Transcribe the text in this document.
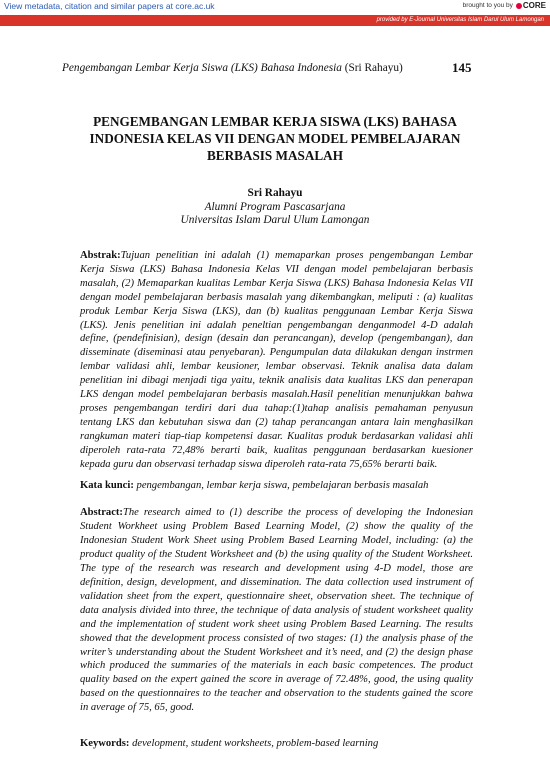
View metadata, citation and similar papers at core.ac.uk	brought to you by CORE
provided by E-Journal Universitas Islam Darul Ulum Lamongan
Pengembangan Lembar Kerja Siswa (LKS) Bahasa Indonesia (Sri Rahayu)	145
PENGEMBANGAN LEMBAR KERJA SISWA (LKS) BAHASA INDONESIA KELAS VII DENGAN MODEL PEMBELAJARAN BERBASIS MASALAH
Sri Rahayu
Alumni Program Pascasarjana
Universitas Islam Darul Ulum Lamongan
Abstrak:Tujuan penelitian ini adalah (1) memaparkan proses pengembangan Lembar Kerja Siswa (LKS) Bahasa Indonesia Kelas VII dengan model pembelajaran berbasis masalah, (2) Memaparkan kualitas Lembar Kerja Siswa (LKS) Bahasa Indonesia Kelas VII dengan model pembelajaran berbasis masalah yang dikembangkan, meliputi : (a) kualitas produk Lembar Kerja Siswa (LKS), dan (b) kualitas penggunaan Lembar Kerja Siswa (LKS). Jenis penelitian ini adalah peneltian pengembangan denganmodel 4-D adalah define, (pendefinisian), design (desain dan perancangan), develop (pengembangan), dan disseminate (diseminasi atau penyebaran). Pengumpulan data dilakukan dengan instrmen lembar validasi ahli, lembar keusioner, lembar observasi. Teknik analisa data dalam penelitian ini dibagi menjadi tiga yaitu, teknik analisis data kualitas LKS dan penerapan LKS dengan model pembelajaran berbasis masalah.Hasil penelitian menunjukkan bahwa proses pengembangan terdiri dari dua tahap:(1)tahap analisis pemahaman penyusun tentang LKS dan kebutuhan siswa dan (2) tahap perancangan antara lain menghasilkan rangkuman materi tiap-tiap kompetensi dasar. Kualitas produk berdasarkan validasi ahli diperoleh rata-rata 72,48% berarti baik, kualitas penggunaan berdasarkan kuesioner kepada guru dan observasi terhadap siswa diperoleh rata-rata 75,65% berarti baik.
Kata kunci: pengembangan, lembar kerja siswa, pembelajaran berbasis masalah
Abstract:The research aimed to (1) describe the process of developing the Indonesian Student Workheet using Problem Based Learning Model, (2) show the quality of the Indonesian Student Work Sheet using Problem Based Learning Model, including: (a) the product quality of the Student Worksheet and (b) the using quality of the Student Worksheet. The type of the research was research and development using 4-D model, those are definition, design, development, and dissemination. The data collection used instrument of validation sheet from the expert, questionnaire sheet, observation sheet. The technique of data analysis divided into three, the technique of data analysis of student worksheet quality and the implementation of student work sheet using Problem Based Learning. The results showed that the development process consisted of two stages: (1) the analysis phase of the writer’s understanding about the Student Worksheet and it’s need, and (2) the design phase which produced the summaries of the materials in each basic competences. The product quality based on the expert gained the score in average of 72.48%, good, the using quality based on the questionnaires to the teacher and observation to the students gained the score in average of 75, 65, good.
Keywords: development, student worksheets, problem-based learning
